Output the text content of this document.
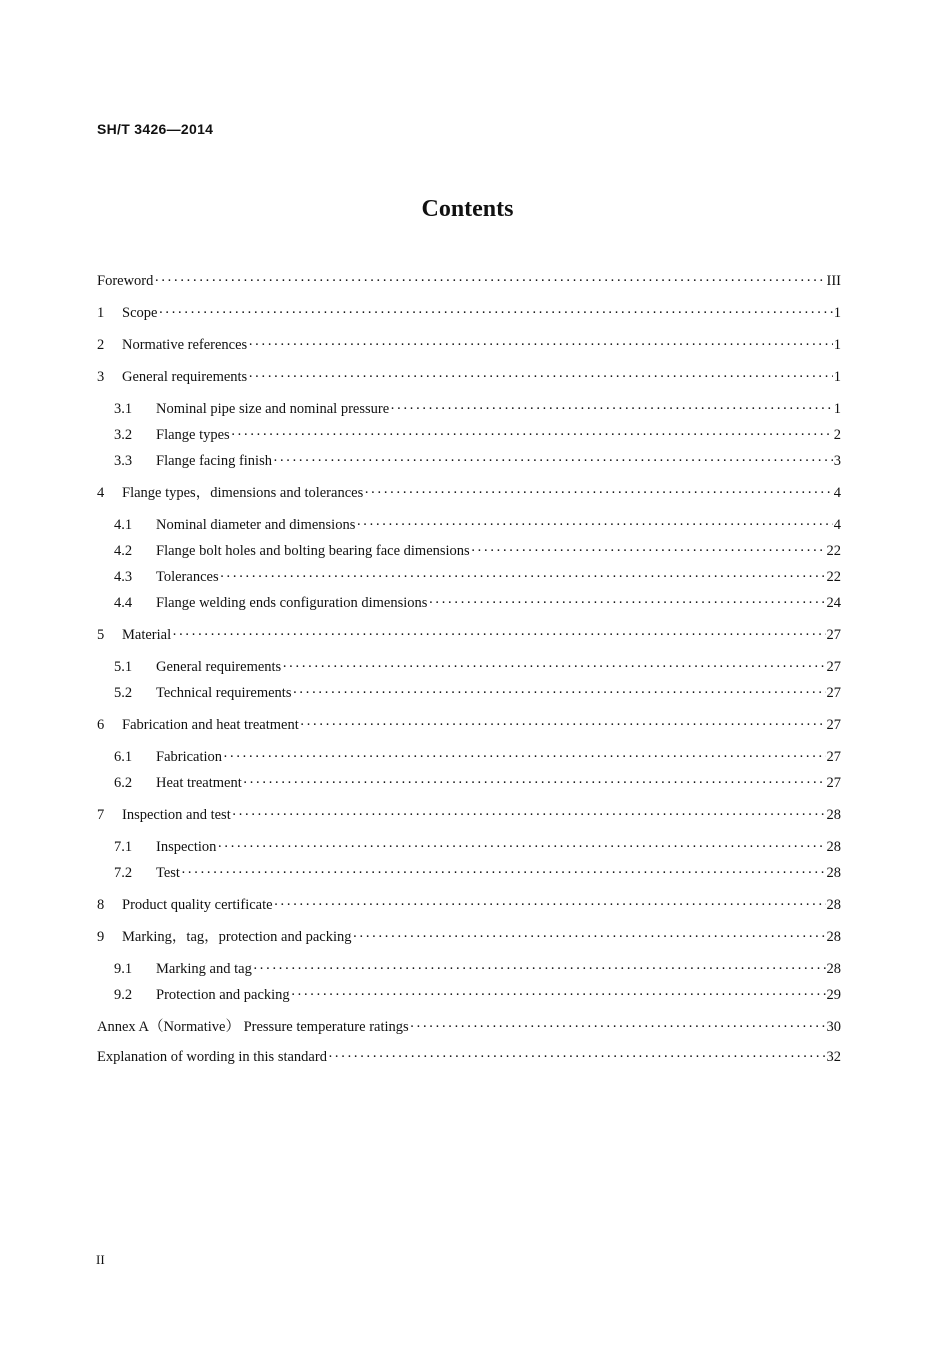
SH/T 3426—2014
Contents
Foreword ·····	III
1	Scope ·····	1
2	Normative references ·····	1
3	General requirements ·····	1
3.1	Nominal pipe size and nominal pressure ·····	1
3.2	Flange types ·····	2
3.3	Flange facing finish ·····	3
4	Flange types，dimensions and tolerances ·····	4
4.1	Nominal diameter and dimensions ·····	4
4.2	Flange bolt holes and bolting bearing face dimensions ·····	22
4.3	Tolerances ·····	22
4.4	Flange welding ends configuration dimensions ·····	24
5	Material ·····	27
5.1	General requirements ·····	27
5.2	Technical requirements ·····	27
6	Fabrication and heat treatment ·····	27
6.1	Fabrication ·····	27
6.2	Heat treatment ·····	27
7	Inspection and test ·····	28
7.1	Inspection ·····	28
7.2	Test ·····	28
8	Product quality certificate ·····	28
9	Marking，tag，protection and packing ·····	28
9.1	Marking and tag ·····	28
9.2	Protection and packing ·····	29
Annex A（Normative） Pressure temperature ratings ·····	30
Explanation of wording in this standard ·····	32
II
